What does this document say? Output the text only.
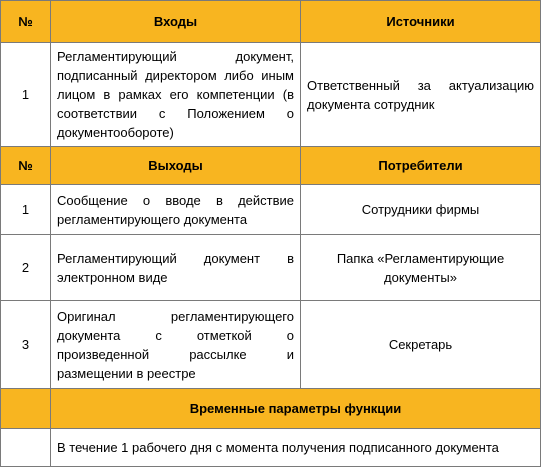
№	Входы	Источники
1	Регламентирующий документ, подписанный директором либо иным лицом в рамках его компетенции (в соответствии с Положением о документообороте)	Ответственный за актуализацию документа сотрудник
№	Выходы	Потребители
1	Сообщение о вводе в действие регламентирующего документа	Сотрудники фирмы
2	Регламентирующий документ в электронном виде	Папка «Регламентирующие документы»
3	Оригинал регламентирующего документа с отметкой о произведенной рассылке и размещении в реестре	Секретарь
	Временные параметры функции	
	В течение 1 рабочего дня с момента получения подписанного документа	
